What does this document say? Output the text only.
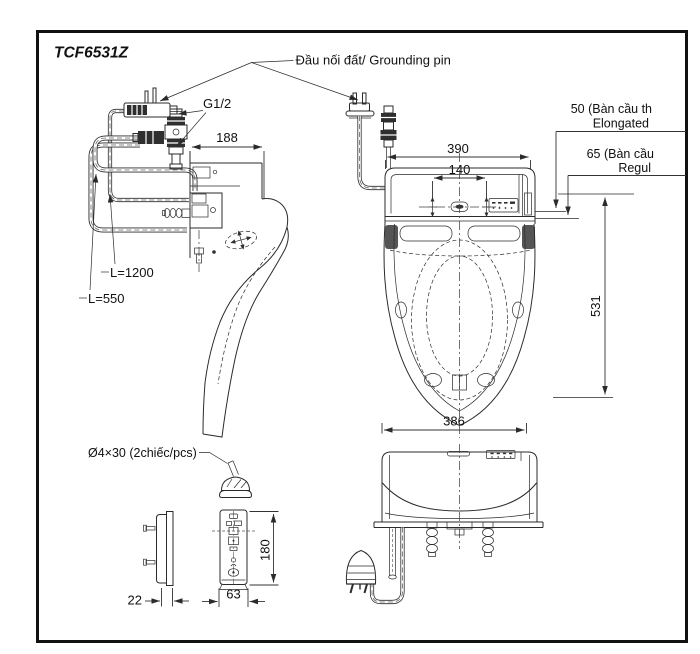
TCF6531Z	Đầu nối đất/ Grounding pin
G1/2
188
L=1200
L=550
390
140
50 (Bàn cầu th
Elongated
65 (Bàn cầu
Regul
531
386
22	63
180
Ø4×30 (2chiếc/pcs)
